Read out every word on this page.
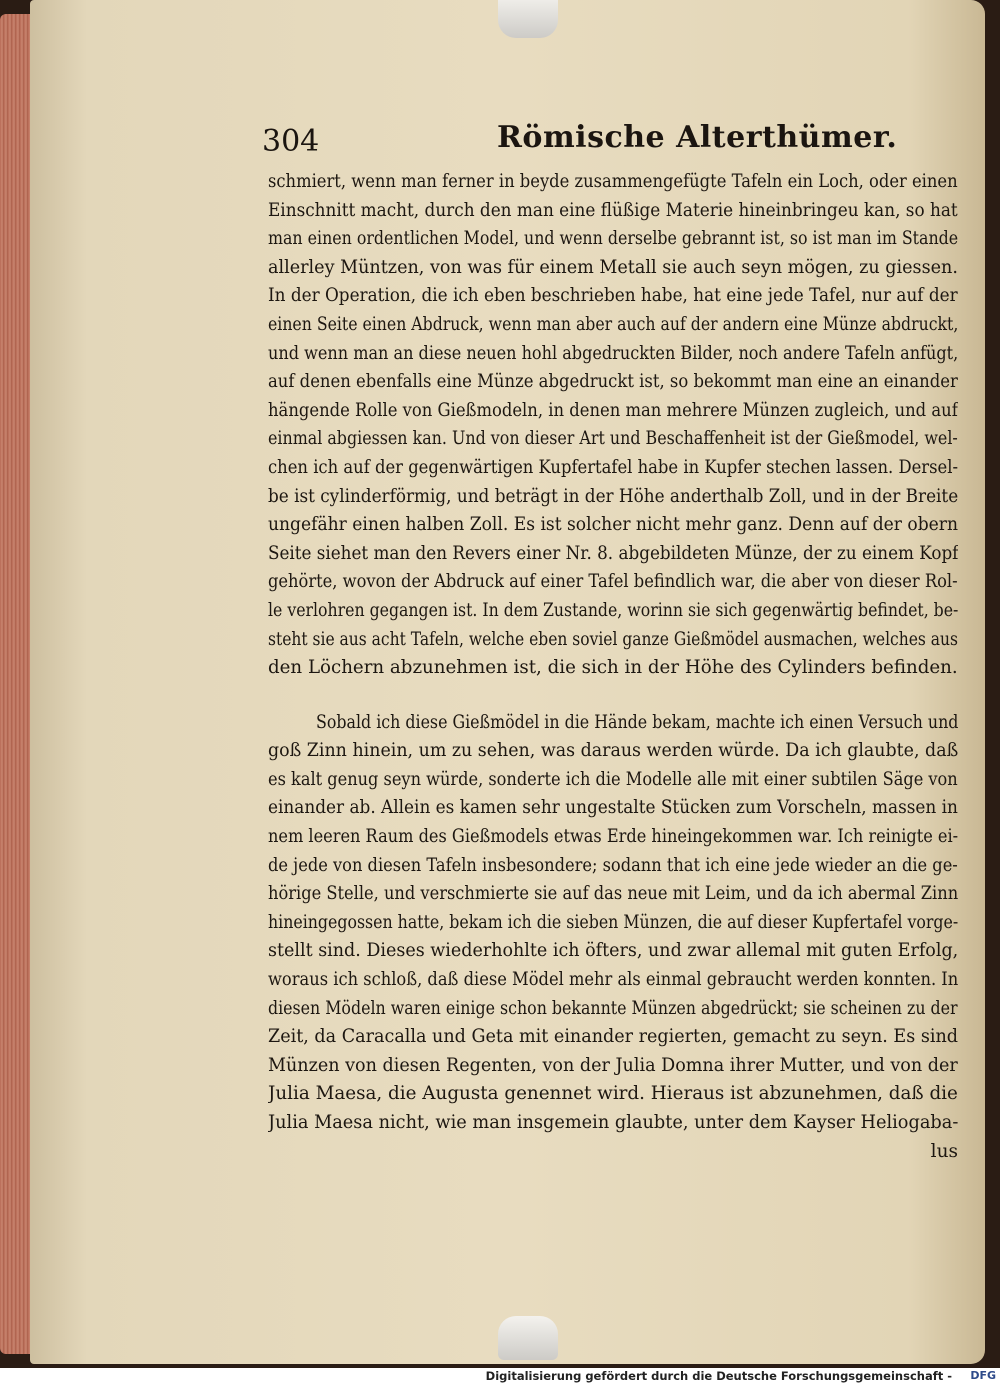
304	Römische Alterthümer.
schmiert, wenn man ferner in beyde zusammengefügte Tafeln ein Loch, oder einen
Einschnitt macht, durch den man eine flüßige Materie hineinbringeu kan, so hat
man einen ordentlichen Model, und wenn derselbe gebrannt ist, so ist man im Stande
allerley Müntzen, von was für einem Metall sie auch seyn mögen, zu giessen.
In der Operation, die ich eben beschrieben habe, hat eine jede Tafel, nur auf der
einen Seite einen Abdruck, wenn man aber auch auf der andern eine Münze abdruckt,
und wenn man an diese neuen hohl abgedruckten Bilder, noch andere Tafeln anfügt,
auf denen ebenfalls eine Münze abgedruckt ist, so bekommt man eine an einander
hängende Rolle von Gießmodeln, in denen man mehrere Münzen zugleich, und auf
einmal abgiessen kan. Und von dieser Art und Beschaffenheit ist der Gießmodel, wel-
chen ich auf der gegenwärtigen Kupfertafel habe in Kupfer stechen lassen. Dersel-
be ist cylinderförmig, und beträgt in der Höhe anderthalb Zoll, und in der Breite
ungefähr einen halben Zoll. Es ist solcher nicht mehr ganz. Denn auf der obern
Seite siehet man den Revers einer Nr. 8. abgebildeten Münze, der zu einem Kopf
gehörte, wovon der Abdruck auf einer Tafel befindlich war, die aber von dieser Rol-
le verlohren gegangen ist. In dem Zustande, worinn sie sich gegenwärtig befindet, be-
steht sie aus acht Tafeln, welche eben soviel ganze Gießmödel ausmachen, welches aus
den Löchern abzunehmen ist, die sich in der Höhe des Cylinders befinden.
Sobald ich diese Gießmödel in die Hände bekam, machte ich einen Versuch und
goß Zinn hinein, um zu sehen, was daraus werden würde. Da ich glaubte, daß
es kalt genug seyn würde, sonderte ich die Modelle alle mit einer subtilen Säge von
einander ab. Allein es kamen sehr ungestalte Stücken zum Vorscheln, massen in
nem leeren Raum des Gießmodels etwas Erde hineingekommen war. Ich reinigte ei-
de jede von diesen Tafeln insbesondere; sodann that ich eine jede wieder an die ge-
hörige Stelle, und verschmierte sie auf das neue mit Leim, und da ich abermal Zinn
hineingegossen hatte, bekam ich die sieben Münzen, die auf dieser Kupfertafel vorge-
stellt sind. Dieses wiederhohlte ich öfters, und zwar allemal mit guten Erfolg,
woraus ich schloß, daß diese Mödel mehr als einmal gebraucht werden konnten. In
diesen Mödeln waren einige schon bekannte Münzen abgedrückt; sie scheinen zu der
Zeit, da Caracalla und Geta mit einander regierten, gemacht zu seyn. Es sind
Münzen von diesen Regenten, von der Julia Domna ihrer Mutter, und von der
Julia Maesa, die Augusta genennet wird. Hieraus ist abzunehmen, daß die
Julia Maesa nicht, wie man insgemein glaubte, unter dem Kayser Heliogaba-
lus
Digitalisierung gefördert durch die Deutsche Forschungsgemeinschaft - DFG
